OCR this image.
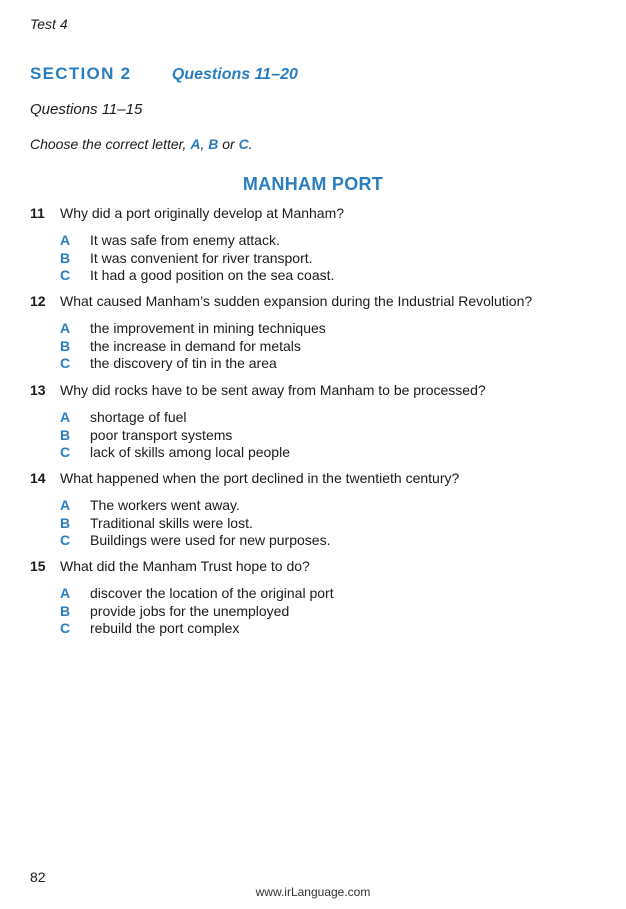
Test 4
SECTION 2	Questions 11–20
Questions 11–15
Choose the correct letter, A, B or C.
MANHAM PORT
11 Why did a port originally develop at Manham?
A It was safe from enemy attack.
B It was convenient for river transport.
C It had a good position on the sea coast.
12 What caused Manham’s sudden expansion during the Industrial Revolution?
A the improvement in mining techniques
B the increase in demand for metals
C the discovery of tin in the area
13 Why did rocks have to be sent away from Manham to be processed?
A shortage of fuel
B poor transport systems
C lack of skills among local people
14 What happened when the port declined in the twentieth century?
A The workers went away.
B Traditional skills were lost.
C Buildings were used for new purposes.
15 What did the Manham Trust hope to do?
A discover the location of the original port
B provide jobs for the unemployed
C rebuild the port complex
82
www.irLanguage.com
